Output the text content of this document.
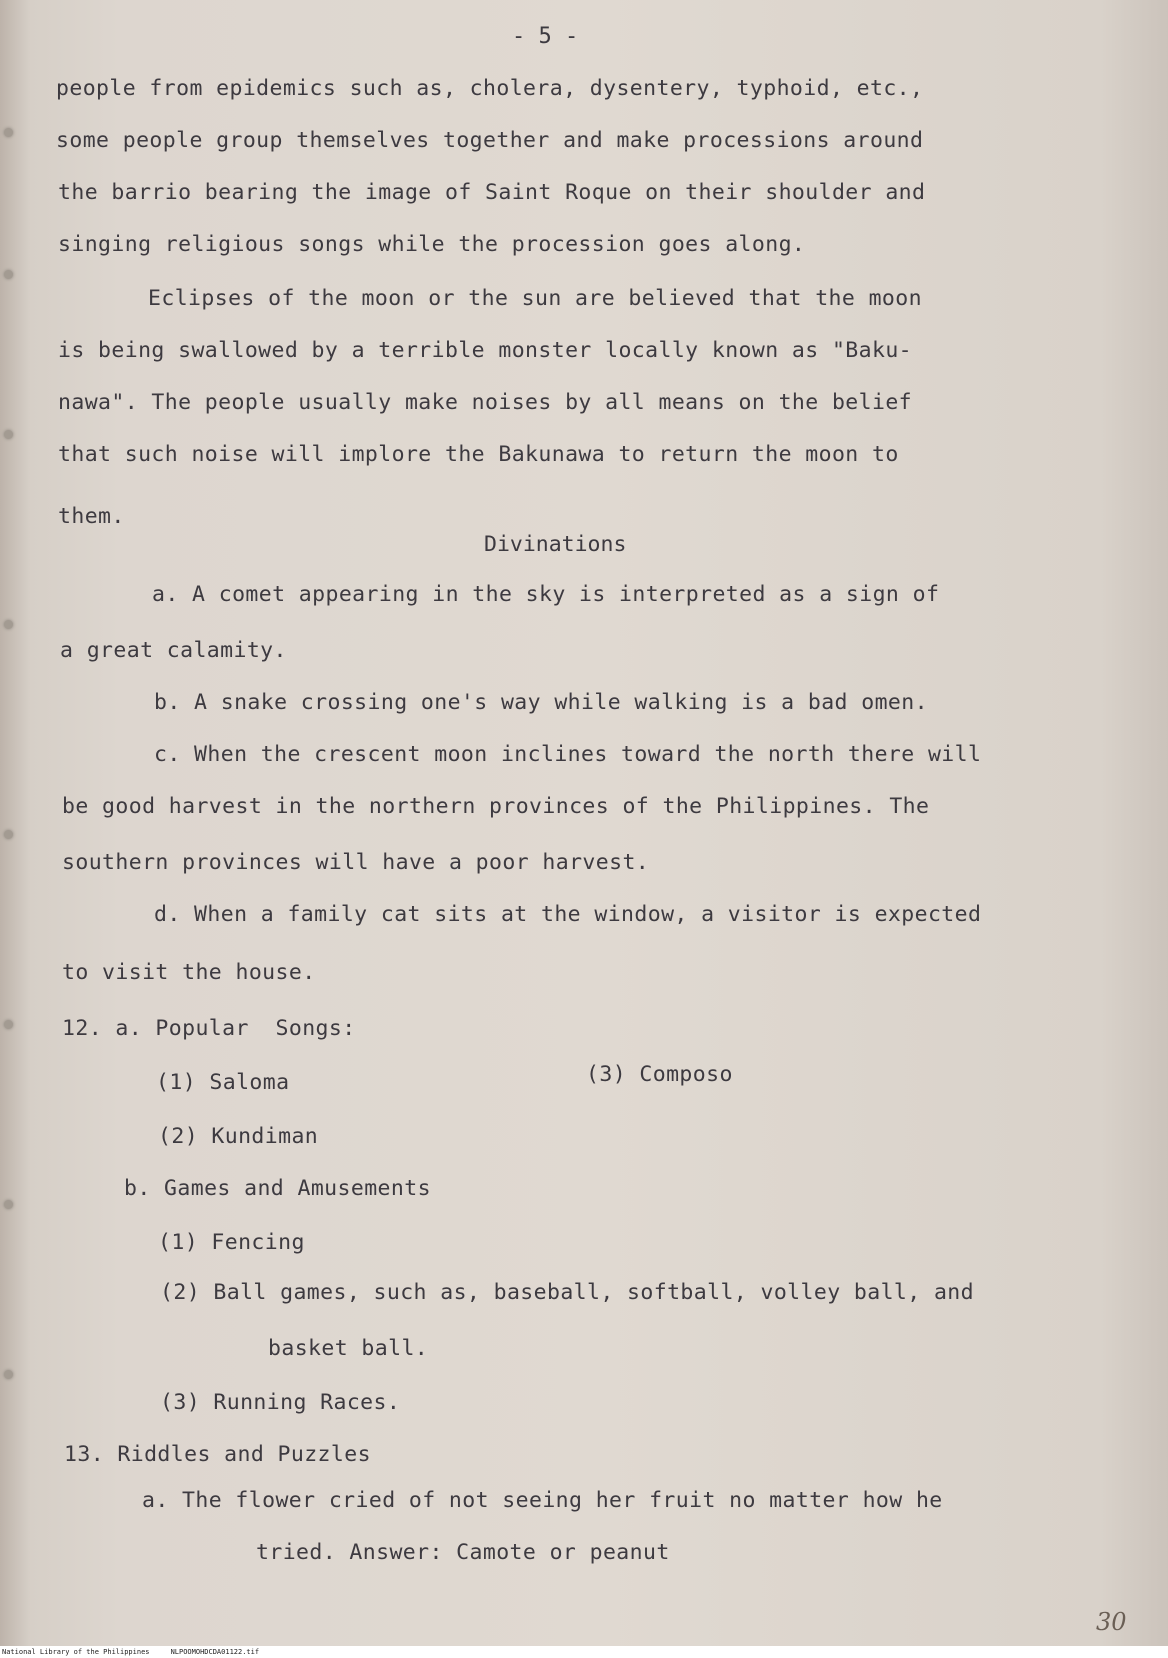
- 5 -
people from epidemics such as, cholera, dysentery, typhoid, etc.,
some people group themselves together and make processions around
the barrio bearing the image of Saint Roque on their shoulder and
singing religious songs while the procession goes along.
Eclipses of the moon or the sun are believed that the moon
is being swallowed by a terrible monster locally known as "Baku-
nawa". The people usually make noises by all means on the belief
that such noise will implore the Bakunawa to return the moon to
them.
Divinations
a. A comet appearing in the sky is interpreted as a sign of
a great calamity.
b. A snake crossing one's way while walking is a bad omen.
c. When the crescent moon inclines toward the north there will
be good harvest in the northern provinces of the Philippines. The
southern provinces will have a poor harvest.
d. When a family cat sits at the window, a visitor is expected
to visit the house.
12. a. Popular  Songs:
(1) Saloma	(3) Composo
(2) Kundiman
b. Games and Amusements
(1) Fencing
(2) Ball games, such as, baseball, softball, volley ball, and
basket ball.
(3) Running Races.
13. Riddles and Puzzles
a. The flower cried of not seeing her fruit no matter how he
tried. Answer: Camote or peanut
30
National Library of the Philippines     NLPOOMOHDCDA01122.tif
